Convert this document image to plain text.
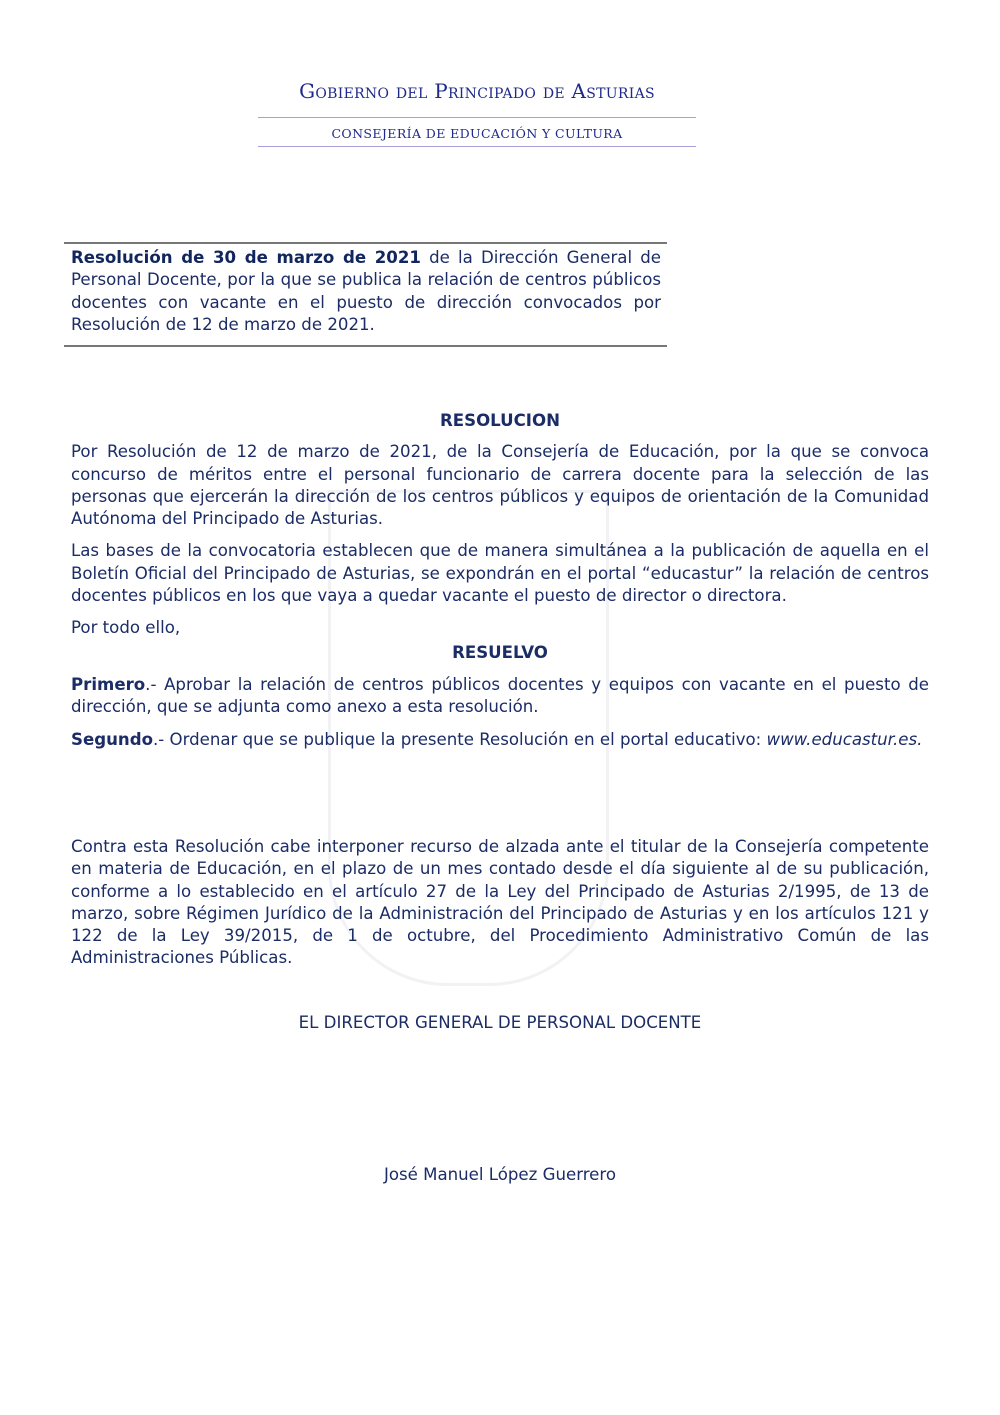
Gobierno del Principado de Asturias
CONSEJERÍA DE EDUCACIÓN Y CULTURA
Resolución de 30 de marzo de 2021 de la Dirección General de Personal Docente, por la que se publica la relación de centros públicos docentes con vacante en el puesto de dirección convocados por Resolución de 12 de marzo de 2021.

RESOLUCION

Por Resolución de 12 de marzo de 2021, de la Consejería de Educación, por la que se convoca concurso de méritos entre el personal funcionario de carrera docente para la selección de las personas que ejercerán la dirección de los centros públicos y equipos de orientación de la Comunidad Autónoma del Principado de Asturias.

Las bases de la convocatoria establecen que de manera simultánea a la publicación de aquella en el Boletín Oficial del Principado de Asturias, se expondrán en el portal “educastur” la relación de centros docentes públicos en los que vaya a quedar vacante el puesto de director o directora.

Por todo ello,

RESUELVO

Primero.- Aprobar la relación de centros públicos docentes y equipos con vacante en el puesto de dirección, que se adjunta como anexo a esta resolución.

Segundo.- Ordenar que se publique la presente Resolución en el portal educativo: www.educastur.es.

Contra esta Resolución cabe interponer recurso de alzada ante el titular de la Consejería competente en materia de Educación, en el plazo de un mes contado desde el día siguiente al de su publicación, conforme a lo establecido en el artículo 27 de la Ley del Principado de Asturias 2/1995, de 13 de marzo, sobre Régimen Jurídico de la Administración del Principado de Asturias y en los artículos 121 y 122 de la Ley 39/2015, de 1 de octubre, del Procedimiento Administrativo Común de las Administraciones Públicas.
EL DIRECTOR GENERAL DE PERSONAL DOCENTE
José Manuel López Guerrero
